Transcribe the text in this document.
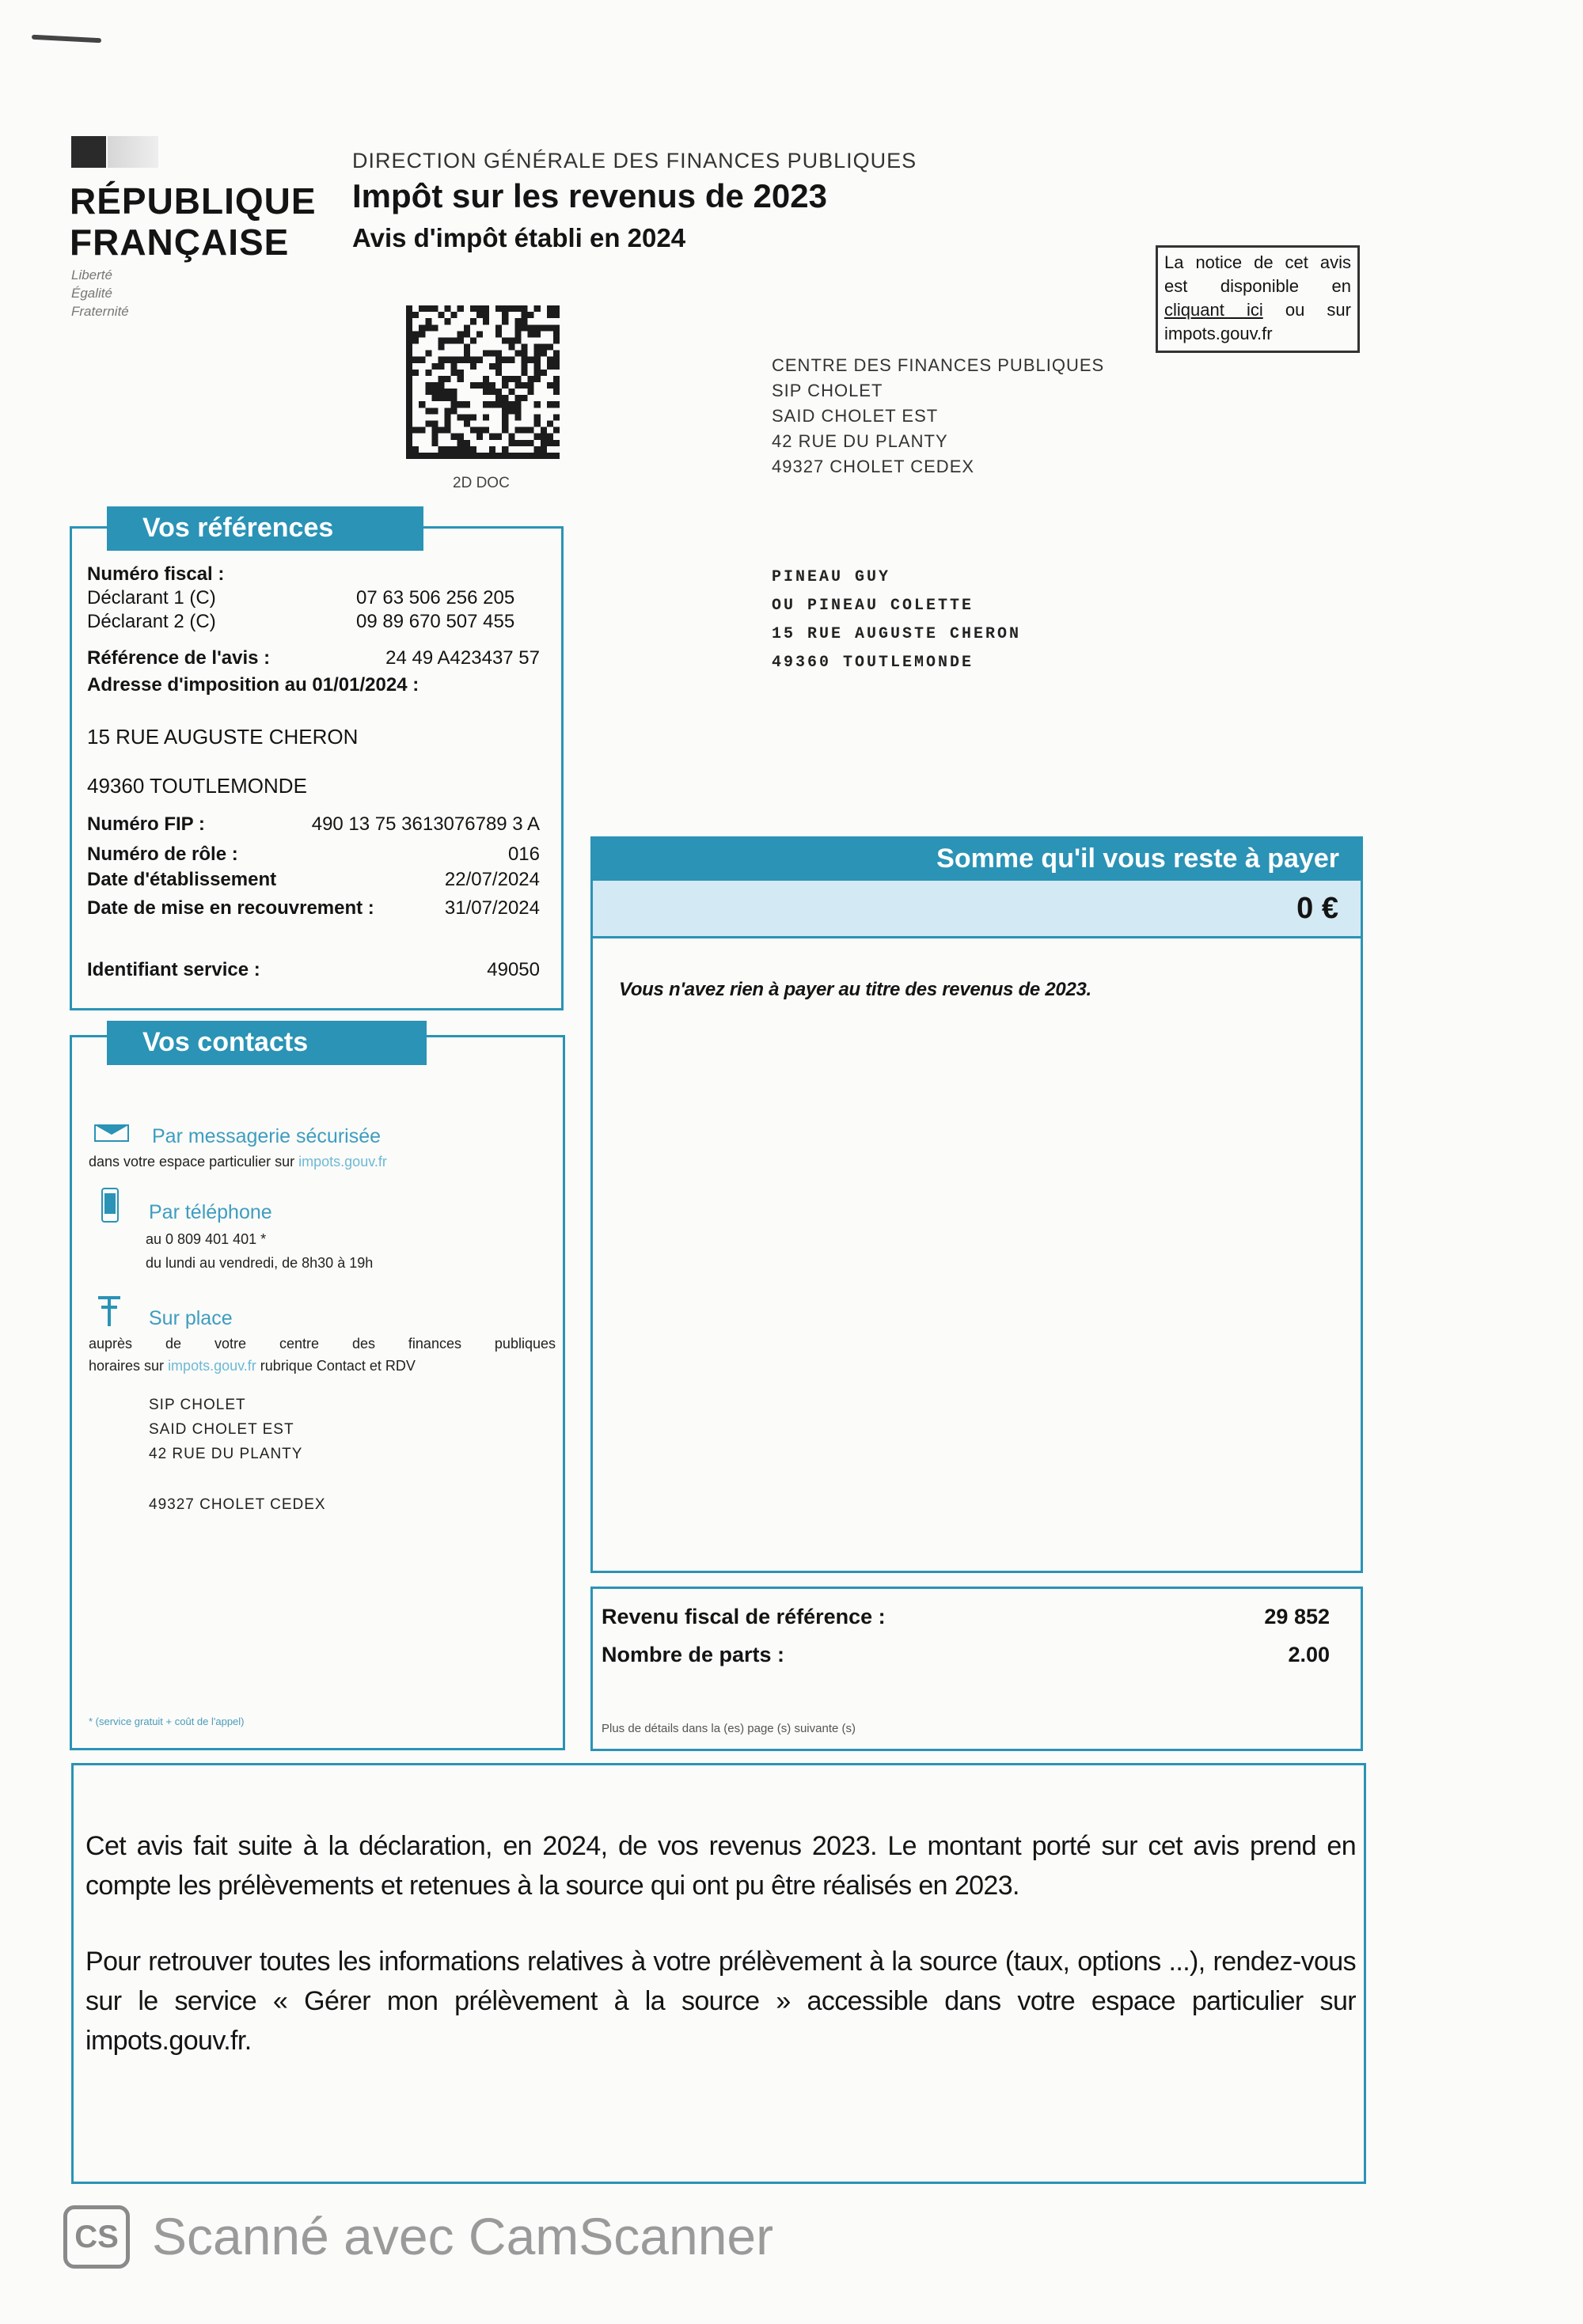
RÉPUBLIQUE
FRANÇAISE
Liberté
Égalité
Fraternité
DIRECTION GÉNÉRALE DES FINANCES PUBLIQUES
Impôt sur les revenus de 2023
Avis d'impôt établi en 2024
La notice de cet avis est disponible en cliquant ici ou sur impots.gouv.fr
2D DOC
CENTRE DES FINANCES PUBLIQUES
SIP CHOLET
SAID CHOLET EST
42 RUE DU PLANTY
49327 CHOLET CEDEX
PINEAU GUY
OU PINEAU COLETTE
15 RUE AUGUSTE CHERON
49360 TOUTLEMONDE
Vos références
Numéro fiscal :
Déclarant 1 (C)	07 63 506 256 205
Déclarant 2 (C)	09 89 670 507 455
Référence de l'avis :	24 49 A423437 57
Adresse d'imposition au 01/01/2024 :
15 RUE AUGUSTE CHERON
49360 TOUTLEMONDE
Numéro FIP :	490 13 75 3613076789 3 A
Numéro de rôle :	016
Date d'établissement	22/07/2024
Date de mise en recouvrement :	31/07/2024
Identifiant service :	49050
Vos contacts
Par messagerie sécurisée
dans votre espace particulier sur impots.gouv.fr
Par téléphone
au 0 809 401 401 *
du lundi au vendredi, de 8h30 à 19h
Sur place
auprès de votre centre des finances publiques
horaires sur impots.gouv.fr rubrique Contact et RDV
SIP CHOLET
SAID CHOLET EST
42 RUE DU PLANTY
49327 CHOLET CEDEX
* (service gratuit + coût de l'appel)
Somme qu'il vous reste à payer
0 €
Vous n'avez rien à payer au titre des revenus de 2023.
Revenu fiscal de référence :	29 852
Nombre de parts :	2.00
Plus de détails dans la (es) page (s) suivante (s)
Cet avis fait suite à la déclaration, en 2024, de vos revenus 2023. Le montant porté sur cet avis prend en compte les prélèvements et retenues à la source qui ont pu être réalisés en 2023.
Pour retrouver toutes les informations relatives à votre prélèvement à la source (taux, options ...), rendez-vous sur le service « Gérer mon prélèvement à la source » accessible dans votre espace particulier sur impots.gouv.fr.
CS Scanné avec CamScanner
